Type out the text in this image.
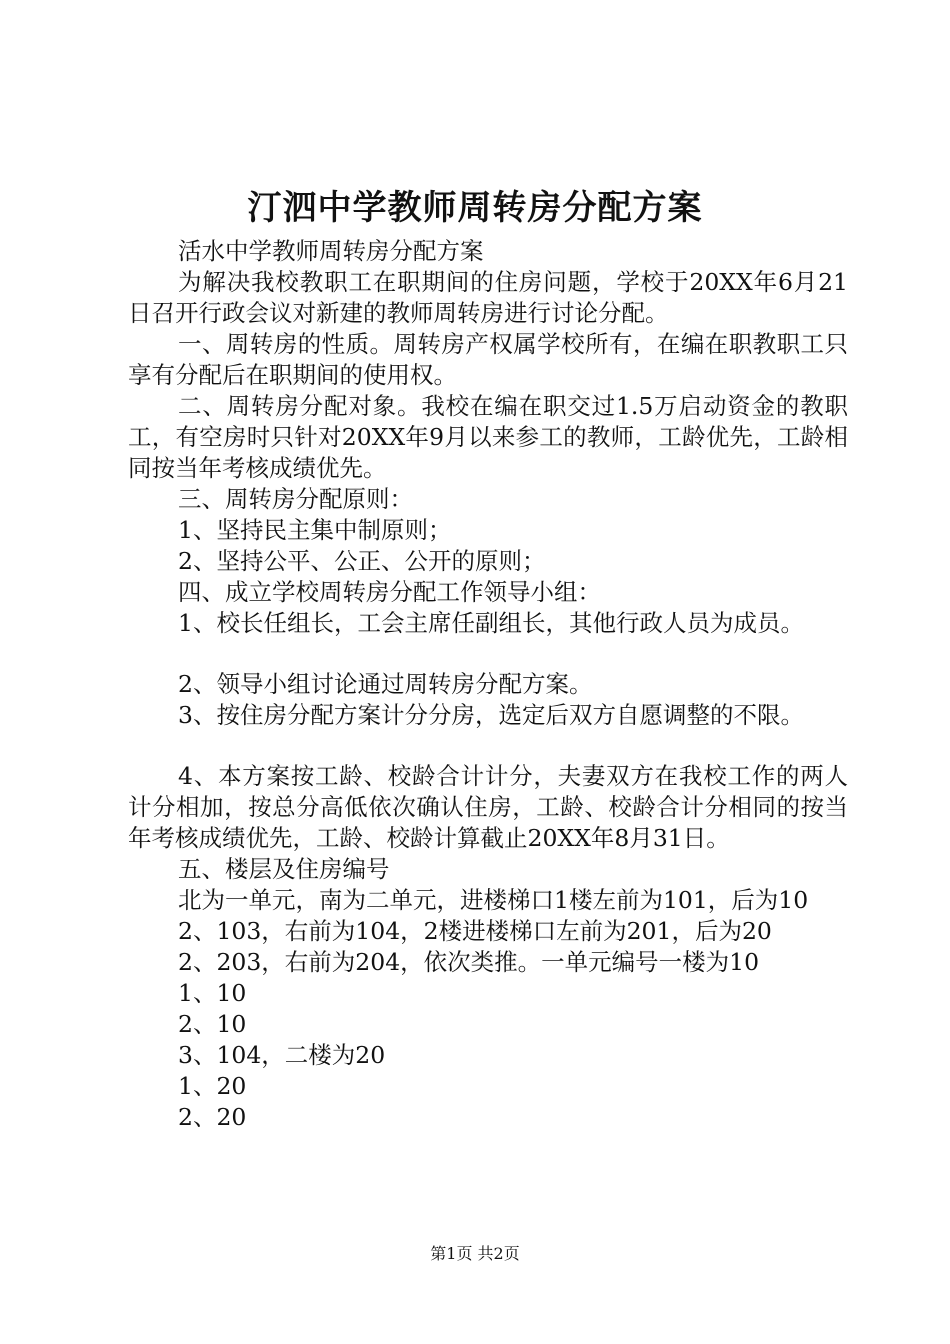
汀泗中学教师周转房分配方案

活水中学教师周转房分配方案

为解决我校教职工在职期间的住房问题，学校于20XX年6月21日召开行政会议对新建的教师周转房进行讨论分配。

一、周转房的性质。周转房产权属学校所有，在编在职教职工只享有分配后在职期间的使用权。

二、周转房分配对象。我校在编在职交过1.5万启动资金的教职工，有空房时只针对20XX年9月以来参工的教师，工龄优先，工龄相同按当年考核成绩优先。

三、周转房分配原则：

1、坚持民主集中制原则；

2、坚持公平、公正、公开的原则；

四、成立学校周转房分配工作领导小组：

1、校长任组长，工会主席任副组长，其他行政人员为成员。

2、领导小组讨论通过周转房分配方案。

3、按住房分配方案计分分房，选定后双方自愿调整的不限。

4、本方案按工龄、校龄合计计分，夫妻双方在我校工作的两人计分相加，按总分高低依次确认住房，工龄、校龄合计分相同的按当年考核成绩优先，工龄、校龄计算截止20XX年8月31日。

五、楼层及住房编号

北为一单元，南为二单元，进楼梯口1楼左前为101，后为10

2、103，右前为104，2楼进楼梯口左前为201，后为20

2、203，右前为204，依次类推。一单元编号一楼为10

1、10

2、10

3、104，二楼为20

1、20

2、20

第1页 共2页
